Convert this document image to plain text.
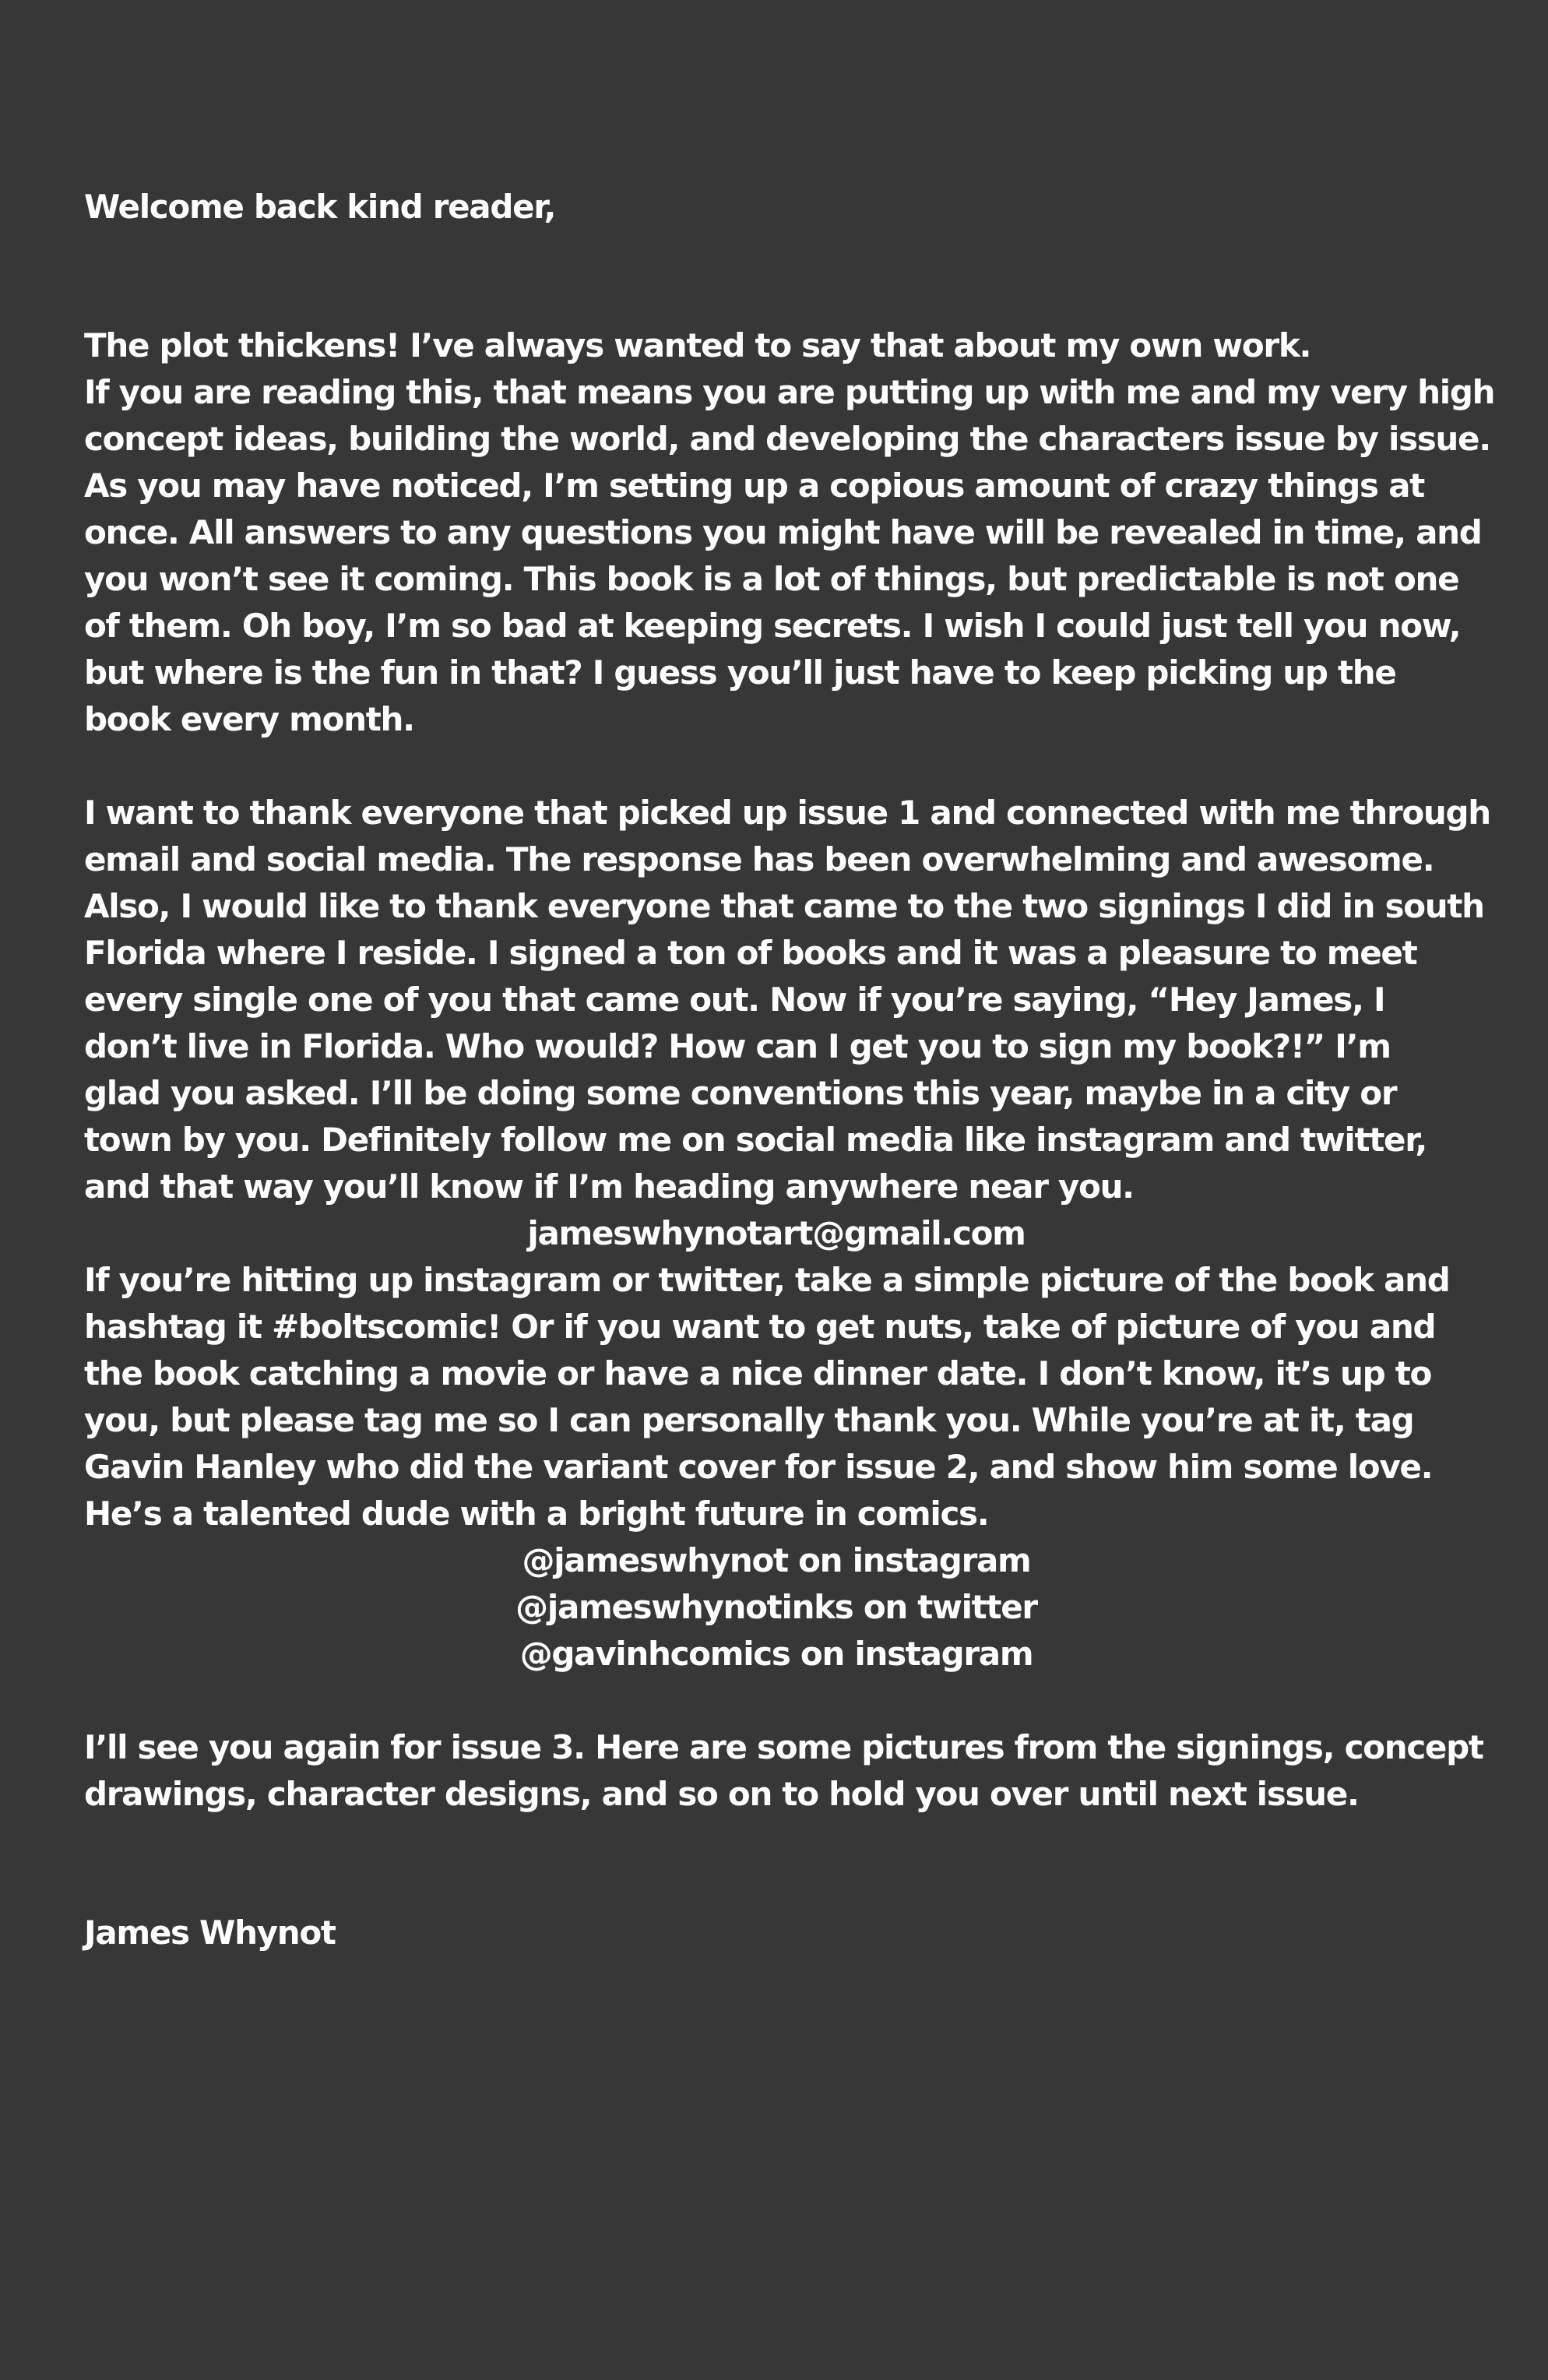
Welcome back kind reader,
The plot thickens! I’ve always wanted to say that about my own work.
If you are reading this, that means you are putting up with me and my very high
concept ideas, building the world, and developing the characters issue by issue.
As you may have noticed, I’m setting up a copious amount of crazy things at
once. All answers to any questions you might have will be revealed in time, and
you won’t see it coming. This book is a lot of things, but predictable is not one
of them. Oh boy, I’m so bad at keeping secrets. I wish I could just tell you now,
but where is the fun in that? I guess you’ll just have to keep picking up the
book every month.
I want to thank everyone that picked up issue 1 and connected with me through
email and social media. The response has been overwhelming and awesome.
Also, I would like to thank everyone that came to the two signings I did in south
Florida where I reside. I signed a ton of books and it was a pleasure to meet
every single one of you that came out. Now if you’re saying, “Hey James, I
don’t live in Florida. Who would? How can I get you to sign my book?!” I’m
glad you asked. I’ll be doing some conventions this year, maybe in a city or
town by you. Definitely follow me on social media like instagram and twitter,
and that way you’ll know if I’m heading anywhere near you.
jameswhynotart@gmail.com
If you’re hitting up instagram or twitter, take a simple picture of the book and
hashtag it #boltscomic! Or if you want to get nuts, take of picture of you and
the book catching a movie or have a nice dinner date. I don’t know, it’s up to
you, but please tag me so I can personally thank you. While you’re at it, tag
Gavin Hanley who did the variant cover for issue 2, and show him some love.
He’s a talented dude with a bright future in comics.
@jameswhynot on instagram
@jameswhynotinks on twitter
@gavinhcomics on instagram
I’ll see you again for issue 3. Here are some pictures from the signings, concept
drawings, character designs, and so on to hold you over until next issue.
James Whynot
